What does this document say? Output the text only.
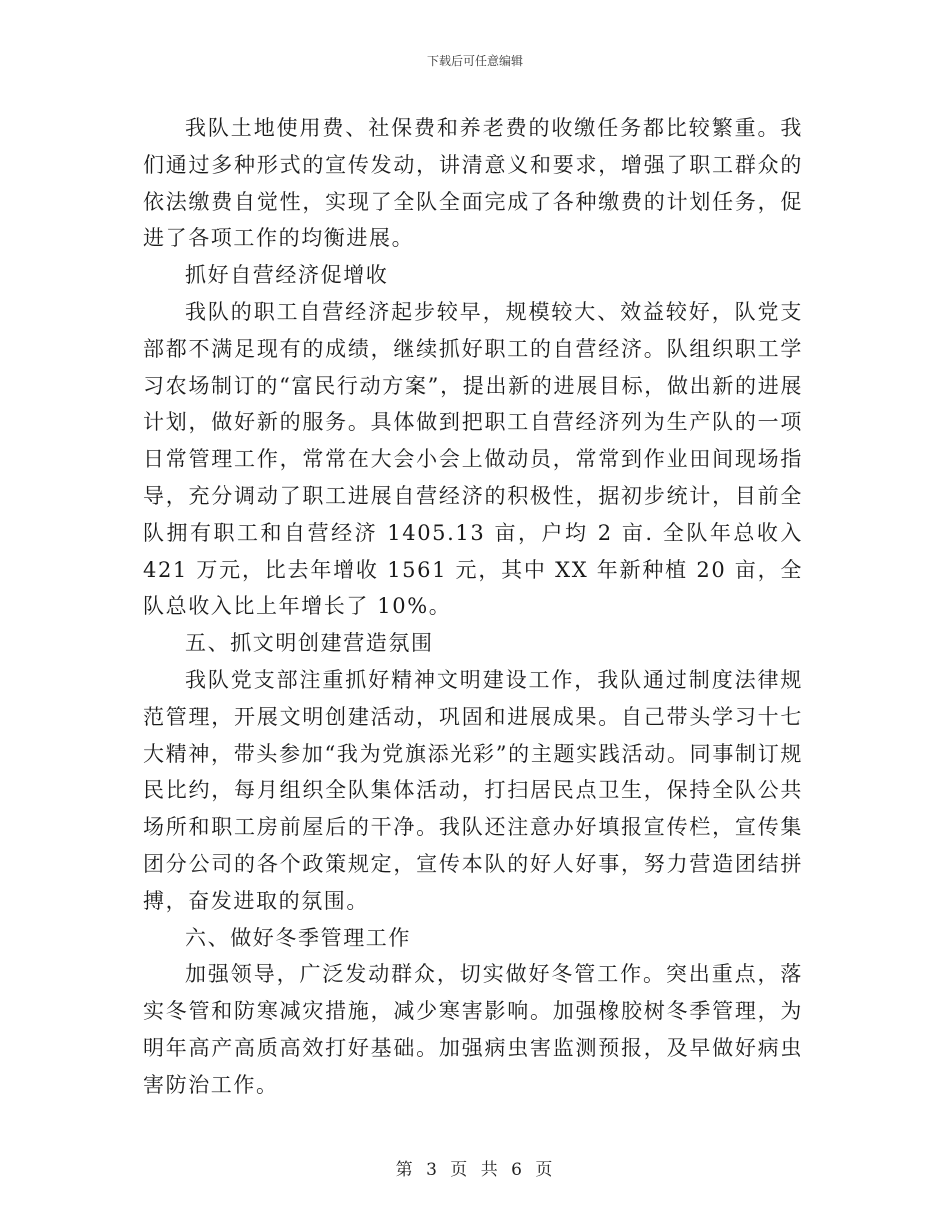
下载后可任意编辑

我队土地使用费、社保费和养老费的收缴任务都比较繁重。我们通过多种形式的宣传发动，讲清意义和要求，增强了职工群众的依法缴费自觉性，实现了全队全面完成了各种缴费的计划任务，促进了各项工作的均衡进展。

抓好自营经济促增收

我队的职工自营经济起步较早，规模较大、效益较好，队党支部都不满足现有的成绩，继续抓好职工的自营经济。队组织职工学习农场制订的“富民行动方案”，提出新的进展目标，做出新的进展计划，做好新的服务。具体做到把职工自营经济列为生产队的一项日常管理工作，常常在大会小会上做动员，常常到作业田间现场指导，充分调动了职工进展自营经济的积极性，据初步统计，目前全队拥有职工和自营经济 1405.13 亩，户均 2 亩. 全队年总收入 421 万元，比去年增收 1561 元，其中 XX 年新种植 20 亩，全队总收入比上年增长了 10%。

五、抓文明创建营造氛围

我队党支部注重抓好精神文明建设工作，我队通过制度法律规范管理，开展文明创建活动，巩固和进展成果。自己带头学习十七大精神，带头参加“我为党旗添光彩”的主题实践活动。同事制订规民比约，每月组织全队集体活动，打扫居民点卫生，保持全队公共场所和职工房前屋后的干净。我队还注意办好填报宣传栏，宣传集团分公司的各个政策规定，宣传本队的好人好事，努力营造团结拼搏，奋发进取的氛围。

六、做好冬季管理工作

加强领导，广泛发动群众，切实做好冬管工作。突出重点，落实冬管和防寒减灾措施，减少寒害影响。加强橡胶树冬季管理，为明年高产高质高效打好基础。加强病虫害监测预报，及早做好病虫害防治工作。

第 3 页 共 6 页
